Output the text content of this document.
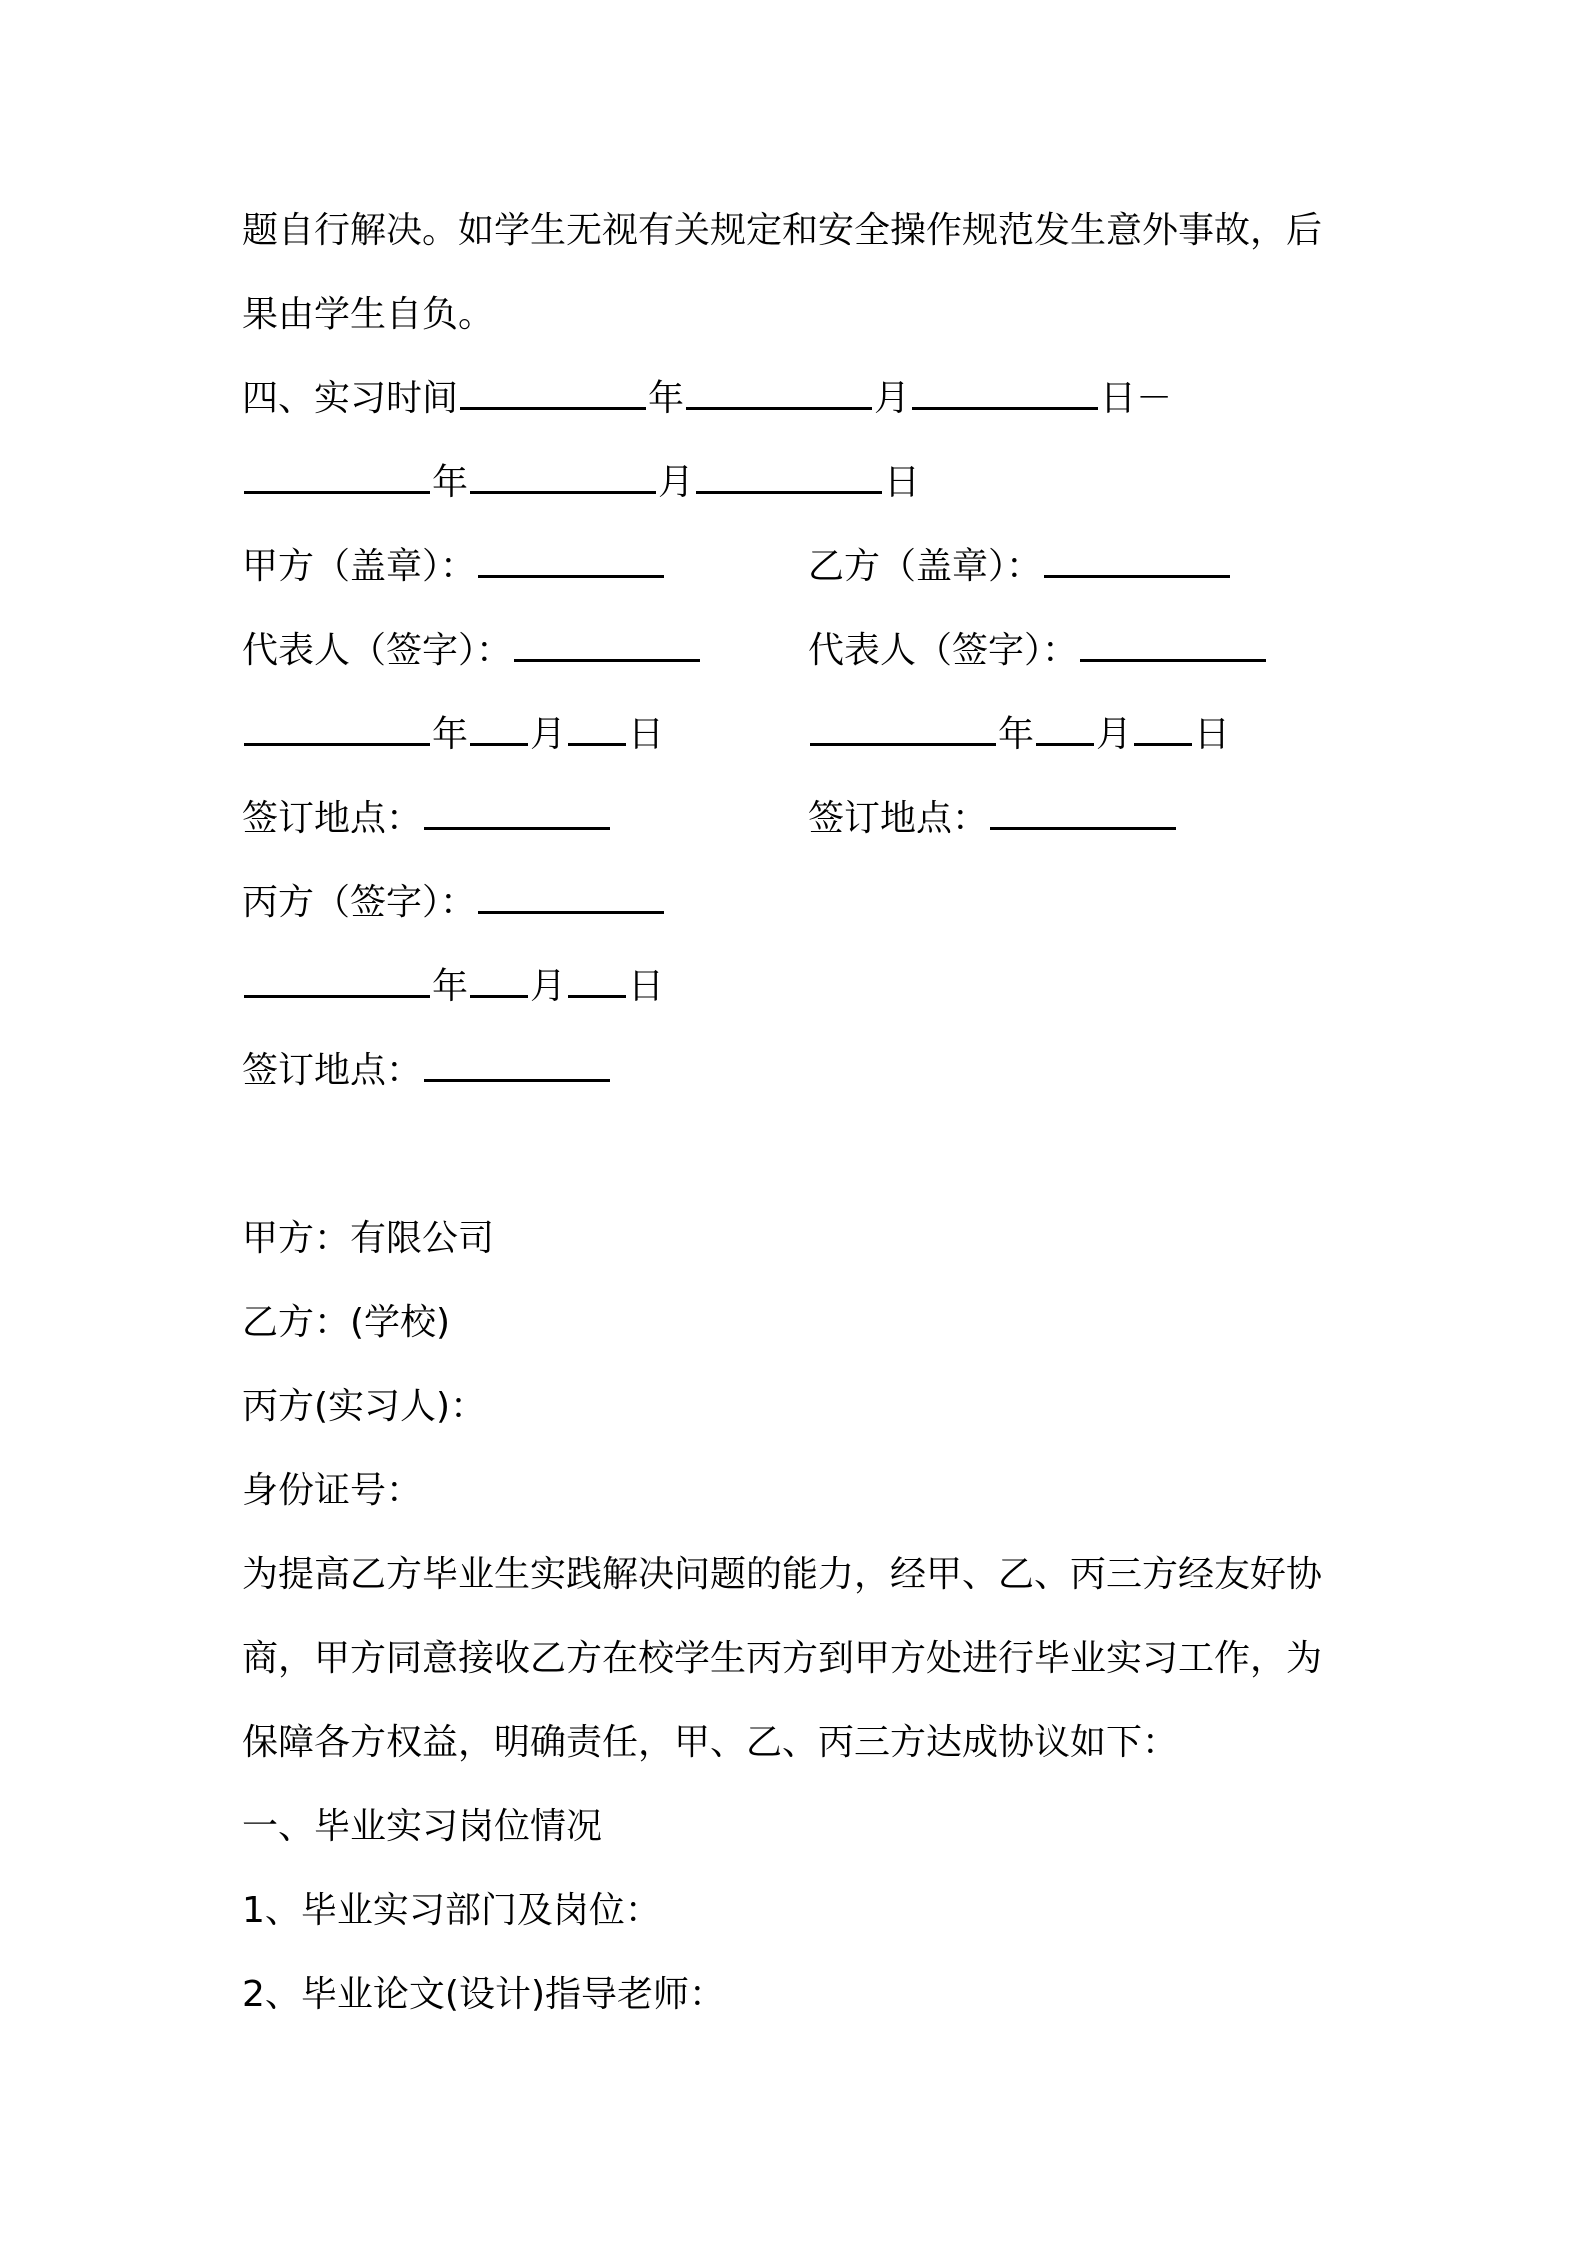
题自行解决。如学生无视有关规定和安全操作规范发生意外事故，后
果由学生自负。
四、实习时间	年	月	日－
年	月	日
甲方（盖章）：	乙方（盖章）：
代表人（签字）：	代表人（签字）：
年 月 日	年 月 日
签订地点：	签订地点：
丙方（签字）：
年 月 日
签订地点：
甲方：有限公司
乙方：(学校)
丙方(实习人)：
身份证号：
为提高乙方毕业生实践解决问题的能力，经甲、乙、丙三方经友好协
商，甲方同意接收乙方在校学生丙方到甲方处进行毕业实习工作，为
保障各方权益，明确责任，甲、乙、丙三方达成协议如下：
一、毕业实习岗位情况
1、毕业实习部门及岗位：
2、毕业论文(设计)指导老师：
